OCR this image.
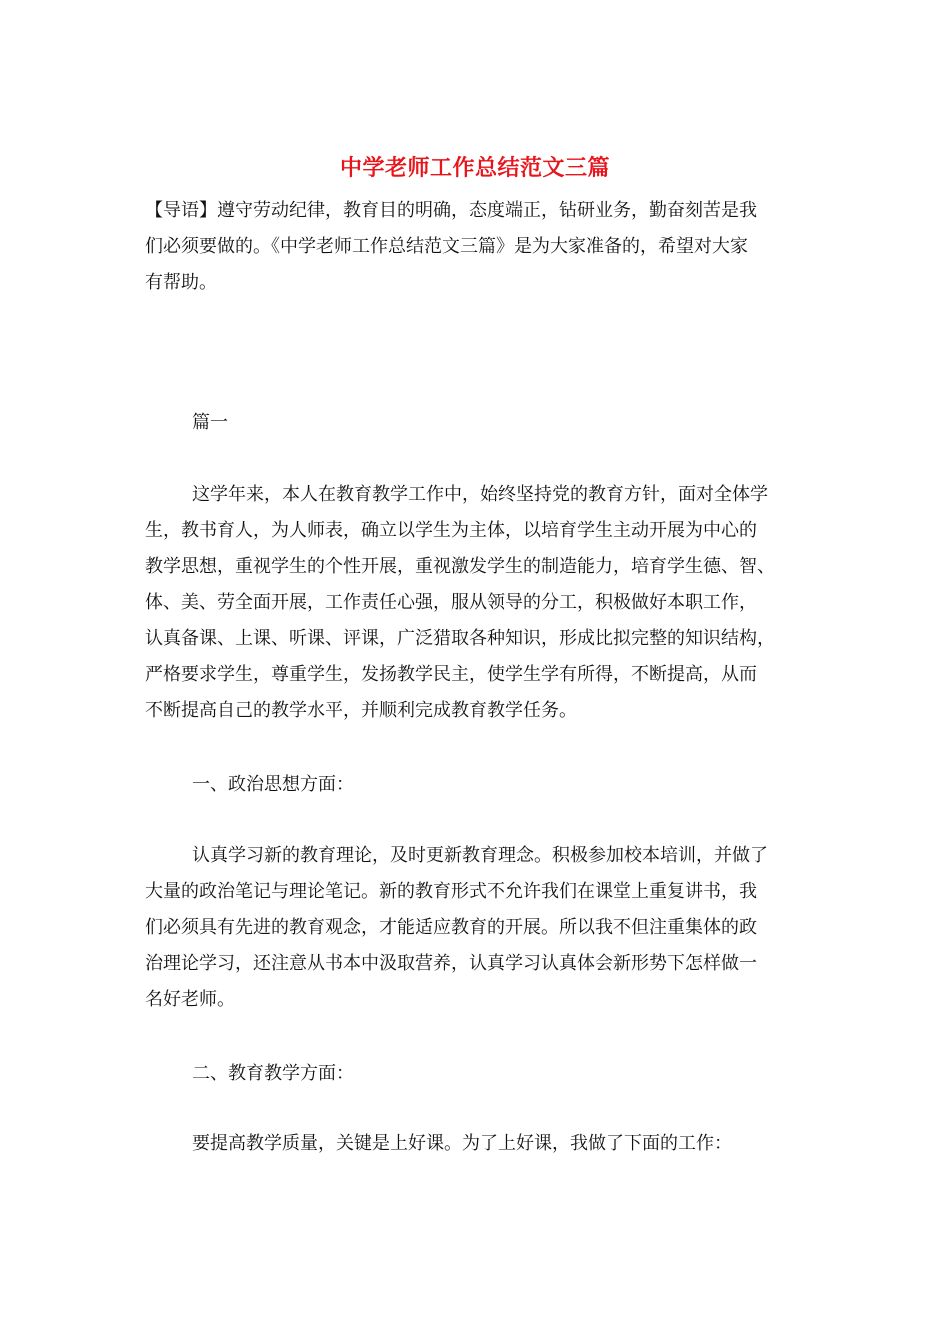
中学老师工作总结范文三篇

【导语】遵守劳动纪律，教育目的明确，态度端正，钻研业务，勤奋刻苦是我
们必须要做的。《中学老师工作总结范文三篇》是为大家准备的，希望对大家
有帮助。

篇一

这学年来，本人在教育教学工作中，始终坚持党的教育方针，面对全体学
生，教书育人，为人师表，确立以学生为主体，以培育学生主动开展为中心的
教学思想，重视学生的个性开展，重视激发学生的制造能力，培育学生德、智、
体、美、劳全面开展，工作责任心强，服从领导的分工，积极做好本职工作，
认真备课、上课、听课、评课，广泛猎取各种知识，形成比拟完整的知识结构，
严格要求学生，尊重学生，发扬教学民主，使学生学有所得，不断提高，从而
不断提高自己的教学水平，并顺利完成教育教学任务。

一、政治思想方面：

认真学习新的教育理论，及时更新教育理念。积极参加校本培训，并做了
大量的政治笔记与理论笔记。新的教育形式不允许我们在课堂上重复讲书，我
们必须具有先进的教育观念，才能适应教育的开展。所以我不但注重集体的政
治理论学习，还注意从书本中汲取营养，认真学习认真体会新形势下怎样做一
名好老师。

二、教育教学方面：

要提高教学质量，关键是上好课。为了上好课，我做了下面的工作：
